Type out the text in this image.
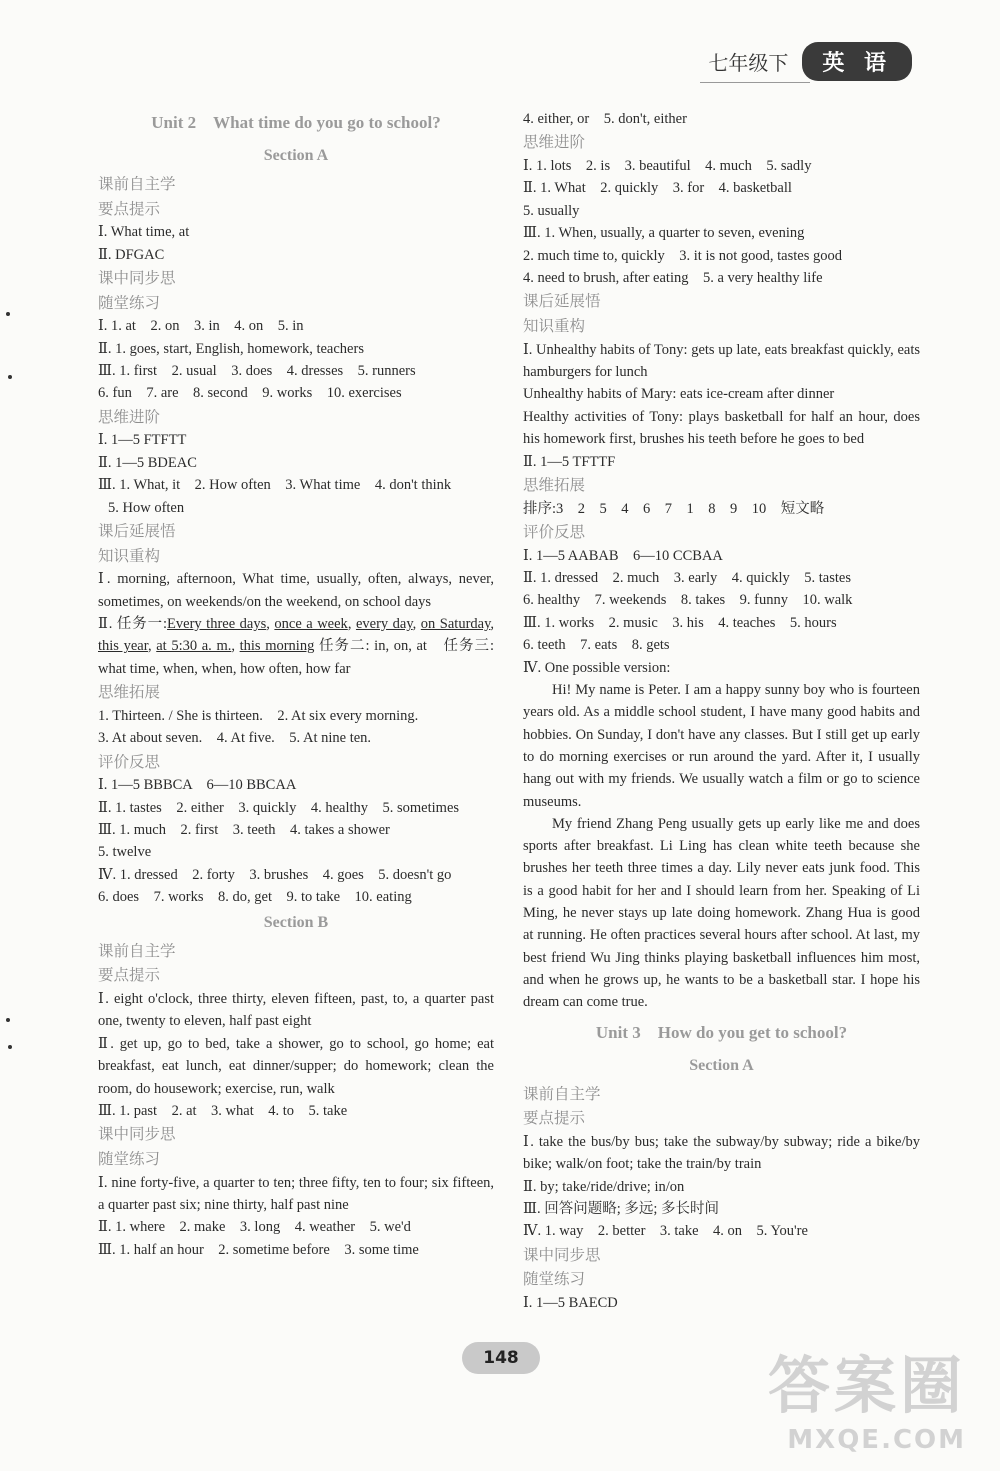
七年级下	英 语
Unit 2　What time do you go to school?
Section A
课前自主学
要点提示
Ⅰ. What time, at
Ⅱ. DFGAC
课中同步思
随堂练习
Ⅰ. 1. at　2. on　3. in　4. on　5. in
Ⅱ. 1. goes, start, English, homework, teachers
Ⅲ. 1. first　2. usual　3. does　4. dresses　5. runners
6. fun　7. are　8. second　9. works　10. exercises
思维进阶
Ⅰ. 1—5 FTFTT
Ⅱ. 1—5 BDEAC
Ⅲ. 1. What, it　2. How often　3. What time　4. don't think
5. How often
课后延展悟
知识重构
Ⅰ. morning, afternoon, What time, usually, often, always, never, sometimes, on weekends/on the weekend, on school days
Ⅱ. 任务一:Every three days, once a week, every day, on Saturday, this year, at 5:30 a. m., this morning 任务二: in, on, at　任务三: what time, when, when, how often, how far
思维拓展
1. Thirteen. / She is thirteen.　2. At six every morning.
3. At about seven.　4. At five.　5. At nine ten.
评价反思
Ⅰ. 1—5 BBBCA　6—10 BBCAA
Ⅱ. 1. tastes　2. either　3. quickly　4. healthy　5. sometimes
Ⅲ. 1. much　2. first　3. teeth　4. takes a shower
5. twelve
Ⅳ. 1. dressed　2. forty　3. brushes　4. goes　5. doesn't go
6. does　7. works　8. do, get　9. to take　10. eating
Section B
课前自主学
要点提示
Ⅰ. eight o'clock, three thirty, eleven fifteen, past, to, a quarter past one, twenty to eleven, half past eight
Ⅱ. get up, go to bed, take a shower, go to school, go home; eat breakfast, eat lunch, eat dinner/supper; do homework; clean the room, do housework; exercise, run, walk
Ⅲ. 1. past　2. at　3. what　4. to　5. take
课中同步思
随堂练习
Ⅰ. nine forty-five, a quarter to ten; three fifty, ten to four; six fifteen, a quarter past six; nine thirty, half past nine
Ⅱ. 1. where　2. make　3. long　4. weather　5. we'd
Ⅲ. 1. half an hour　2. sometime before　3. some time
4. either, or　5. don't, either
思维进阶
Ⅰ. 1. lots　2. is　3. beautiful　4. much　5. sadly
Ⅱ. 1. What　2. quickly　3. for　4. basketball
5. usually
Ⅲ. 1. When, usually, a quarter to seven, evening
2. much time to, quickly　3. it is not good, tastes good
4. need to brush, after eating　5. a very healthy life
课后延展悟
知识重构
Ⅰ. Unhealthy habits of Tony: gets up late, eats breakfast quickly, eats hamburgers for lunch
Unhealthy habits of Mary: eats ice-cream after dinner
Healthy activities of Tony: plays basketball for half an hour, does his homework first, brushes his teeth before he goes to bed
Ⅱ. 1—5 TFTTF
思维拓展
排序:3　2　5　4　6　7　1　8　9　10　短文略
评价反思
Ⅰ. 1—5 AABAB　6—10 CCBAA
Ⅱ. 1. dressed　2. much　3. early　4. quickly　5. tastes
6. healthy　7. weekends　8. takes　9. funny　10. walk
Ⅲ. 1. works　2. music　3. his　4. teaches　5. hours
6. teeth　7. eats　8. gets
Ⅳ. One possible version:
Hi! My name is Peter. I am a happy sunny boy who is fourteen years old. As a middle school student, I have many good habits and hobbies. On Sunday, I don't have any classes. But I still get up early to do morning exercises or run around the yard. After it, I usually hang out with my friends. We usually watch a film or go to science museums.
My friend Zhang Peng usually gets up early like me and does sports after breakfast. Li Ling has clean white teeth because she brushes her teeth three times a day. Lily never eats junk food. This is a good habit for her and I should learn from her. Speaking of Li Ming, he never stays up late doing homework. Zhang Hua is good at running. He often practices several hours after school. At last, my best friend Wu Jing thinks playing basketball influences him most, and when he grows up, he wants to be a basketball star. I hope his dream can come true.
Unit 3　How do you get to school?
Section A
课前自主学
要点提示
Ⅰ. take the bus/by bus; take the subway/by subway; ride a bike/by bike; walk/on foot; take the train/by train
Ⅱ. by; take/ride/drive; in/on
Ⅲ. 回答问题略; 多远; 多长时间
Ⅳ. 1. way　2. better　3. take　4. on　5. You're
课中同步思
随堂练习
Ⅰ. 1—5 BAECD
148	答案圈
MXQE.COM
